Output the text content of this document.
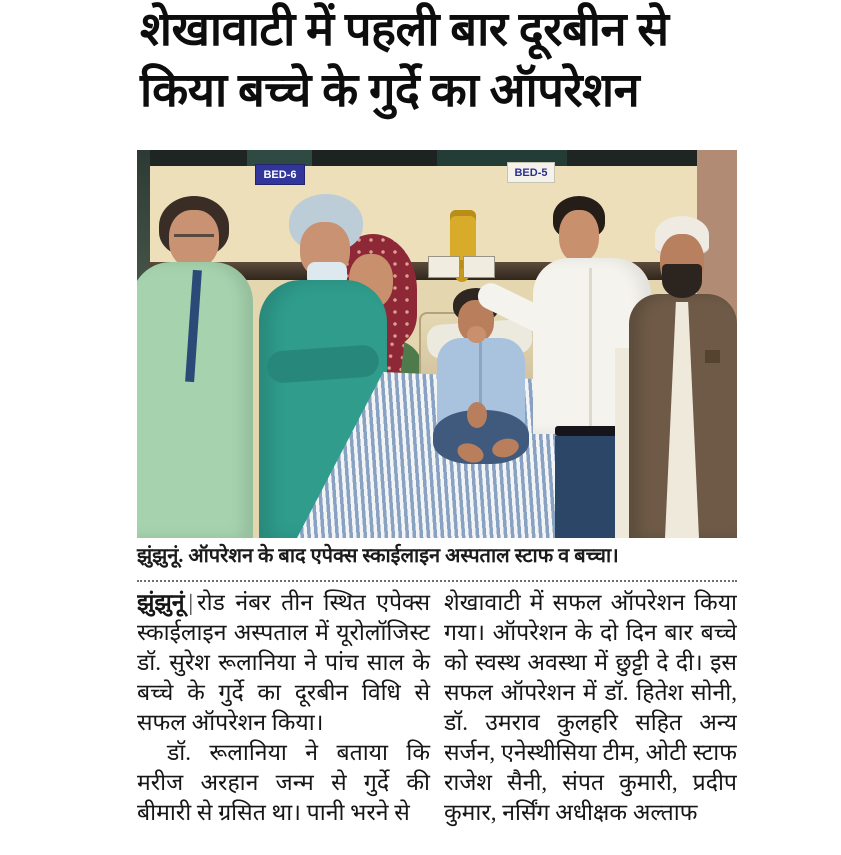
शेखावाटी में पहली बार दूरबीन से
किया बच्चे के गुर्दे का ऑपरेशन
BED-6	BED-5
झुंझुनूं. ऑपरेशन के बाद एपेक्स स्काईलाइन अस्पताल स्टाफ व बच्चा।

झुंझुनूं | रोड नंबर तीन स्थित एपेक्स स्काईलाइन अस्पताल में यूरोलॉजिस्ट डॉ. सुरेश रूलानिया ने पांच साल के बच्चे के गुर्दे का दूरबीन विधि से सफल ऑपरेशन किया।

डॉ. रूलानिया ने बताया कि मरीज अरहान जन्म से गुर्दे की बीमारी से ग्रसित था। पानी भरने से

शेखावाटी में सफल ऑपरेशन किया गया। ऑपरेशन के दो दिन बार बच्चे को स्वस्थ अवस्था में छुट्टी दे दी। इस सफल ऑपरेशन में डॉ. हितेश सोनी, डॉ. उमराव कुलहरि सहित अन्य सर्जन, एनेस्थीसिया टीम, ओटी स्टाफ राजेश सैनी, संपत कुमारी, प्रदीप कुमार, नर्सिंग अधीक्षक अल्ताफ
